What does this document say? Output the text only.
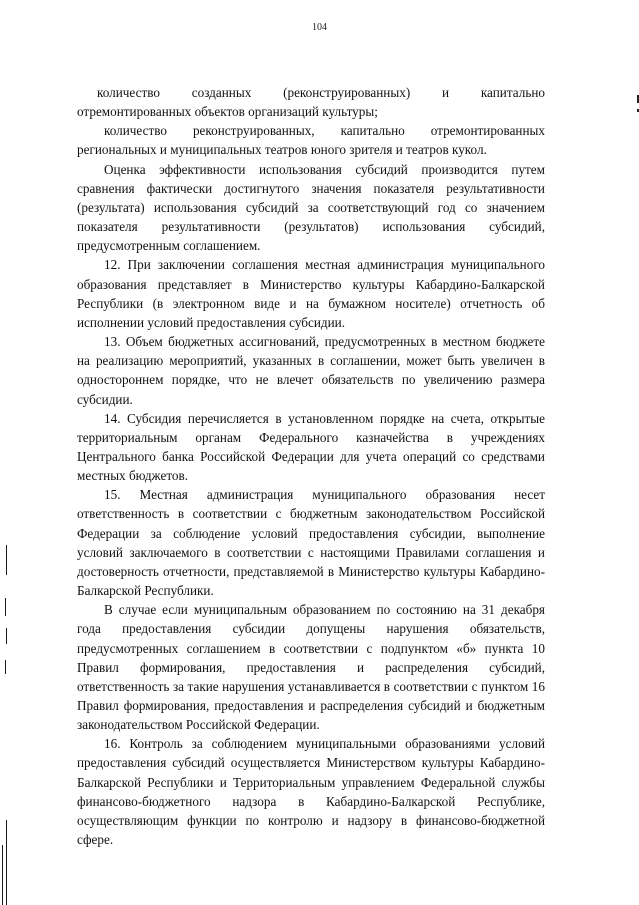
104

количество созданных (реконструированных) и капитально отремонтированных объектов организаций культуры;

количество реконструированных, капитально отремонтированных региональных и муниципальных театров юного зрителя и театров кукол.

Оценка эффективности использования субсидий производится путем сравнения фактически достигнутого значения показателя результативности (результата) использования субсидий за соответствующий год со значением показателя результативности (результатов) использования субсидий, предусмотренным соглашением.

12. При заключении соглашения местная администрация муниципального образования представляет в Министерство культуры Кабардино-Балкарской Республики (в электронном виде и на бумажном носителе) отчетность об исполнении условий предоставления субсидии.

13. Объем бюджетных ассигнований, предусмотренных в местном бюджете на реализацию мероприятий, указанных в соглашении, может быть увеличен в одностороннем порядке, что не влечет обязательств по увеличению размера субсидии.

14. Субсидия перечисляется в установленном порядке на счета, открытые территориальным органам Федерального казначейства в учреждениях Центрального банка Российской Федерации для учета операций со средствами местных бюджетов.

15. Местная администрация муниципального образования несет ответственность в соответствии с бюджетным законодательством Российской Федерации за соблюдение условий предоставления субсидии, выполнение условий заключаемого в соответствии с настоящими Правилами соглашения и достоверность отчетности, представляемой в Министерство культуры Кабардино-Балкарской Республики.

В случае если муниципальным образованием по состоянию на 31 декабря года предоставления субсидии допущены нарушения обязательств, предусмотренных соглашением в соответствии с подпунктом «б» пункта 10 Правил формирования, предоставления и распределения субсидий, ответственность за такие нарушения устанавливается в соответствии с пунктом 16 Правил формирования, предоставления и распределения субсидий и бюджетным законодательством Российской Федерации.

16. Контроль за соблюдением муниципальными образованиями условий предоставления субсидий осуществляется Министерством культуры Кабардино-Балкарской Республики и Территориальным управлением Федеральной службы финансово-бюджетного надзора в Кабардино-Балкарской Республике, осуществляющим функции по контролю и надзору в финансово-бюджетной сфере.
